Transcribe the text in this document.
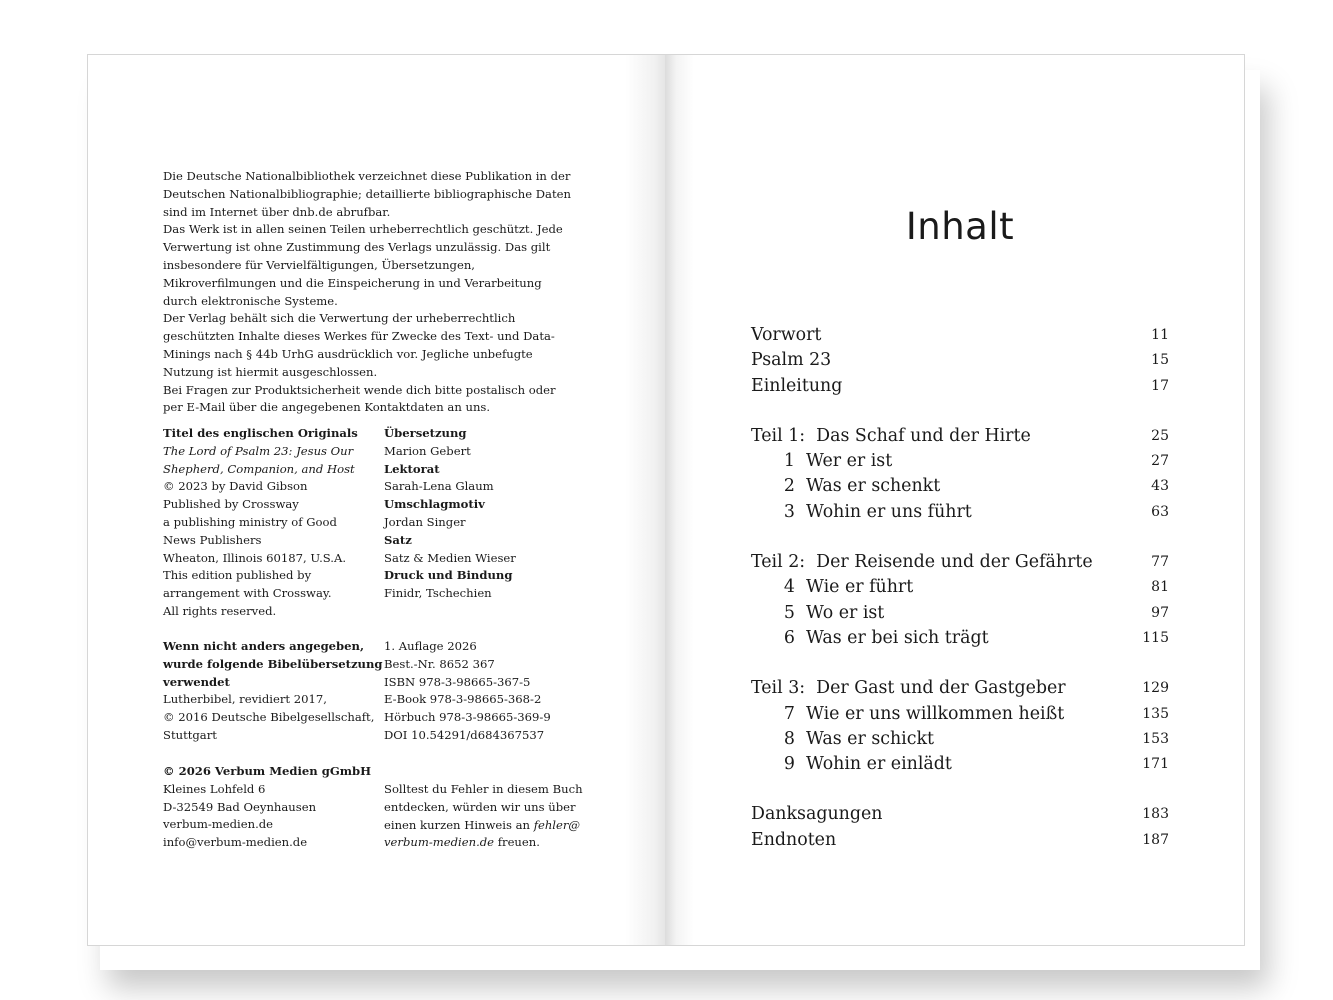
Die Deutsche Nationalbibliothek verzeichnet diese Publikation in der Deutschen Nationalbibliographie; detaillierte bibliographische Daten sind im Internet über dnb.de abrufbar.
Das Werk ist in allen seinen Teilen urheberrechtlich geschützt. Jede Verwertung ist ohne Zustimmung des Verlags unzulässig. Das gilt insbesondere für Vervielfältigungen, Übersetzungen, Mikroverfilmungen und die Einspeicherung in und Verarbeitung durch elektronische Systeme.
Der Verlag behält sich die Verwertung der urheberrechtlich geschützten Inhalte dieses Werkes für Zwecke des Text- und Data-Minings nach § 44b UrhG ausdrücklich vor. Jegliche unbefugte Nutzung ist hiermit ausgeschlossen.
Bei Fragen zur Produktsicherheit wende dich bitte postalisch oder per E-Mail über die angegebenen Kontaktdaten an uns.
Titel des englischen Originals
The Lord of Psalm 23: Jesus Our
Shepherd, Companion, and Host
© 2023 by David Gibson
Published by Crossway
a publishing ministry of Good
News Publishers
Wheaton, Illinois 60187, U.S.A.
This edition published by
arrangement with Crossway.
All rights reserved.
Übersetzung
Marion Gebert
Lektorat
Sarah-Lena Glaum
Umschlagmotiv
Jordan Singer
Satz
Satz & Medien Wieser
Druck und Bindung
Finidr, Tschechien
Wenn nicht anders angegeben,
wurde folgende Bibelübersetzung
verwendet
Lutherbibel, revidiert 2017,
© 2016 Deutsche Bibelgesellschaft,
Stuttgart
1. Auflage 2026
Best.-Nr. 8652 367
ISBN 978-3-98665-367-5
E-Book 978-3-98665-368-2
Hörbuch 978-3-98665-369-9
DOI 10.54291/d684367537
© 2026 Verbum Medien gGmbH
Kleines Lohfeld 6
D-32549 Bad Oeynhausen
verbum-medien.de
info@verbum-medien.de
Solltest du Fehler in diesem Buch
entdecken, würden wir uns über
einen kurzen Hinweis an fehler@
verbum-medien.de freuen.
Inhalt
Vorwort	11
Psalm 23	15
Einleitung	17
Teil 1:  Das Schaf und der Hirte	25
1 Wer er ist	27
2 Was er schenkt	43
3 Wohin er uns führt	63
Teil 2:  Der Reisende und der Gefährte	77
4 Wie er führt	81
5 Wo er ist	97
6 Was er bei sich trägt	115
Teil 3:  Der Gast und der Gastgeber	129
7 Wie er uns willkommen heißt	135
8 Was er schickt	153
9 Wohin er einlädt	171
Danksagungen	183
Endnoten	187
